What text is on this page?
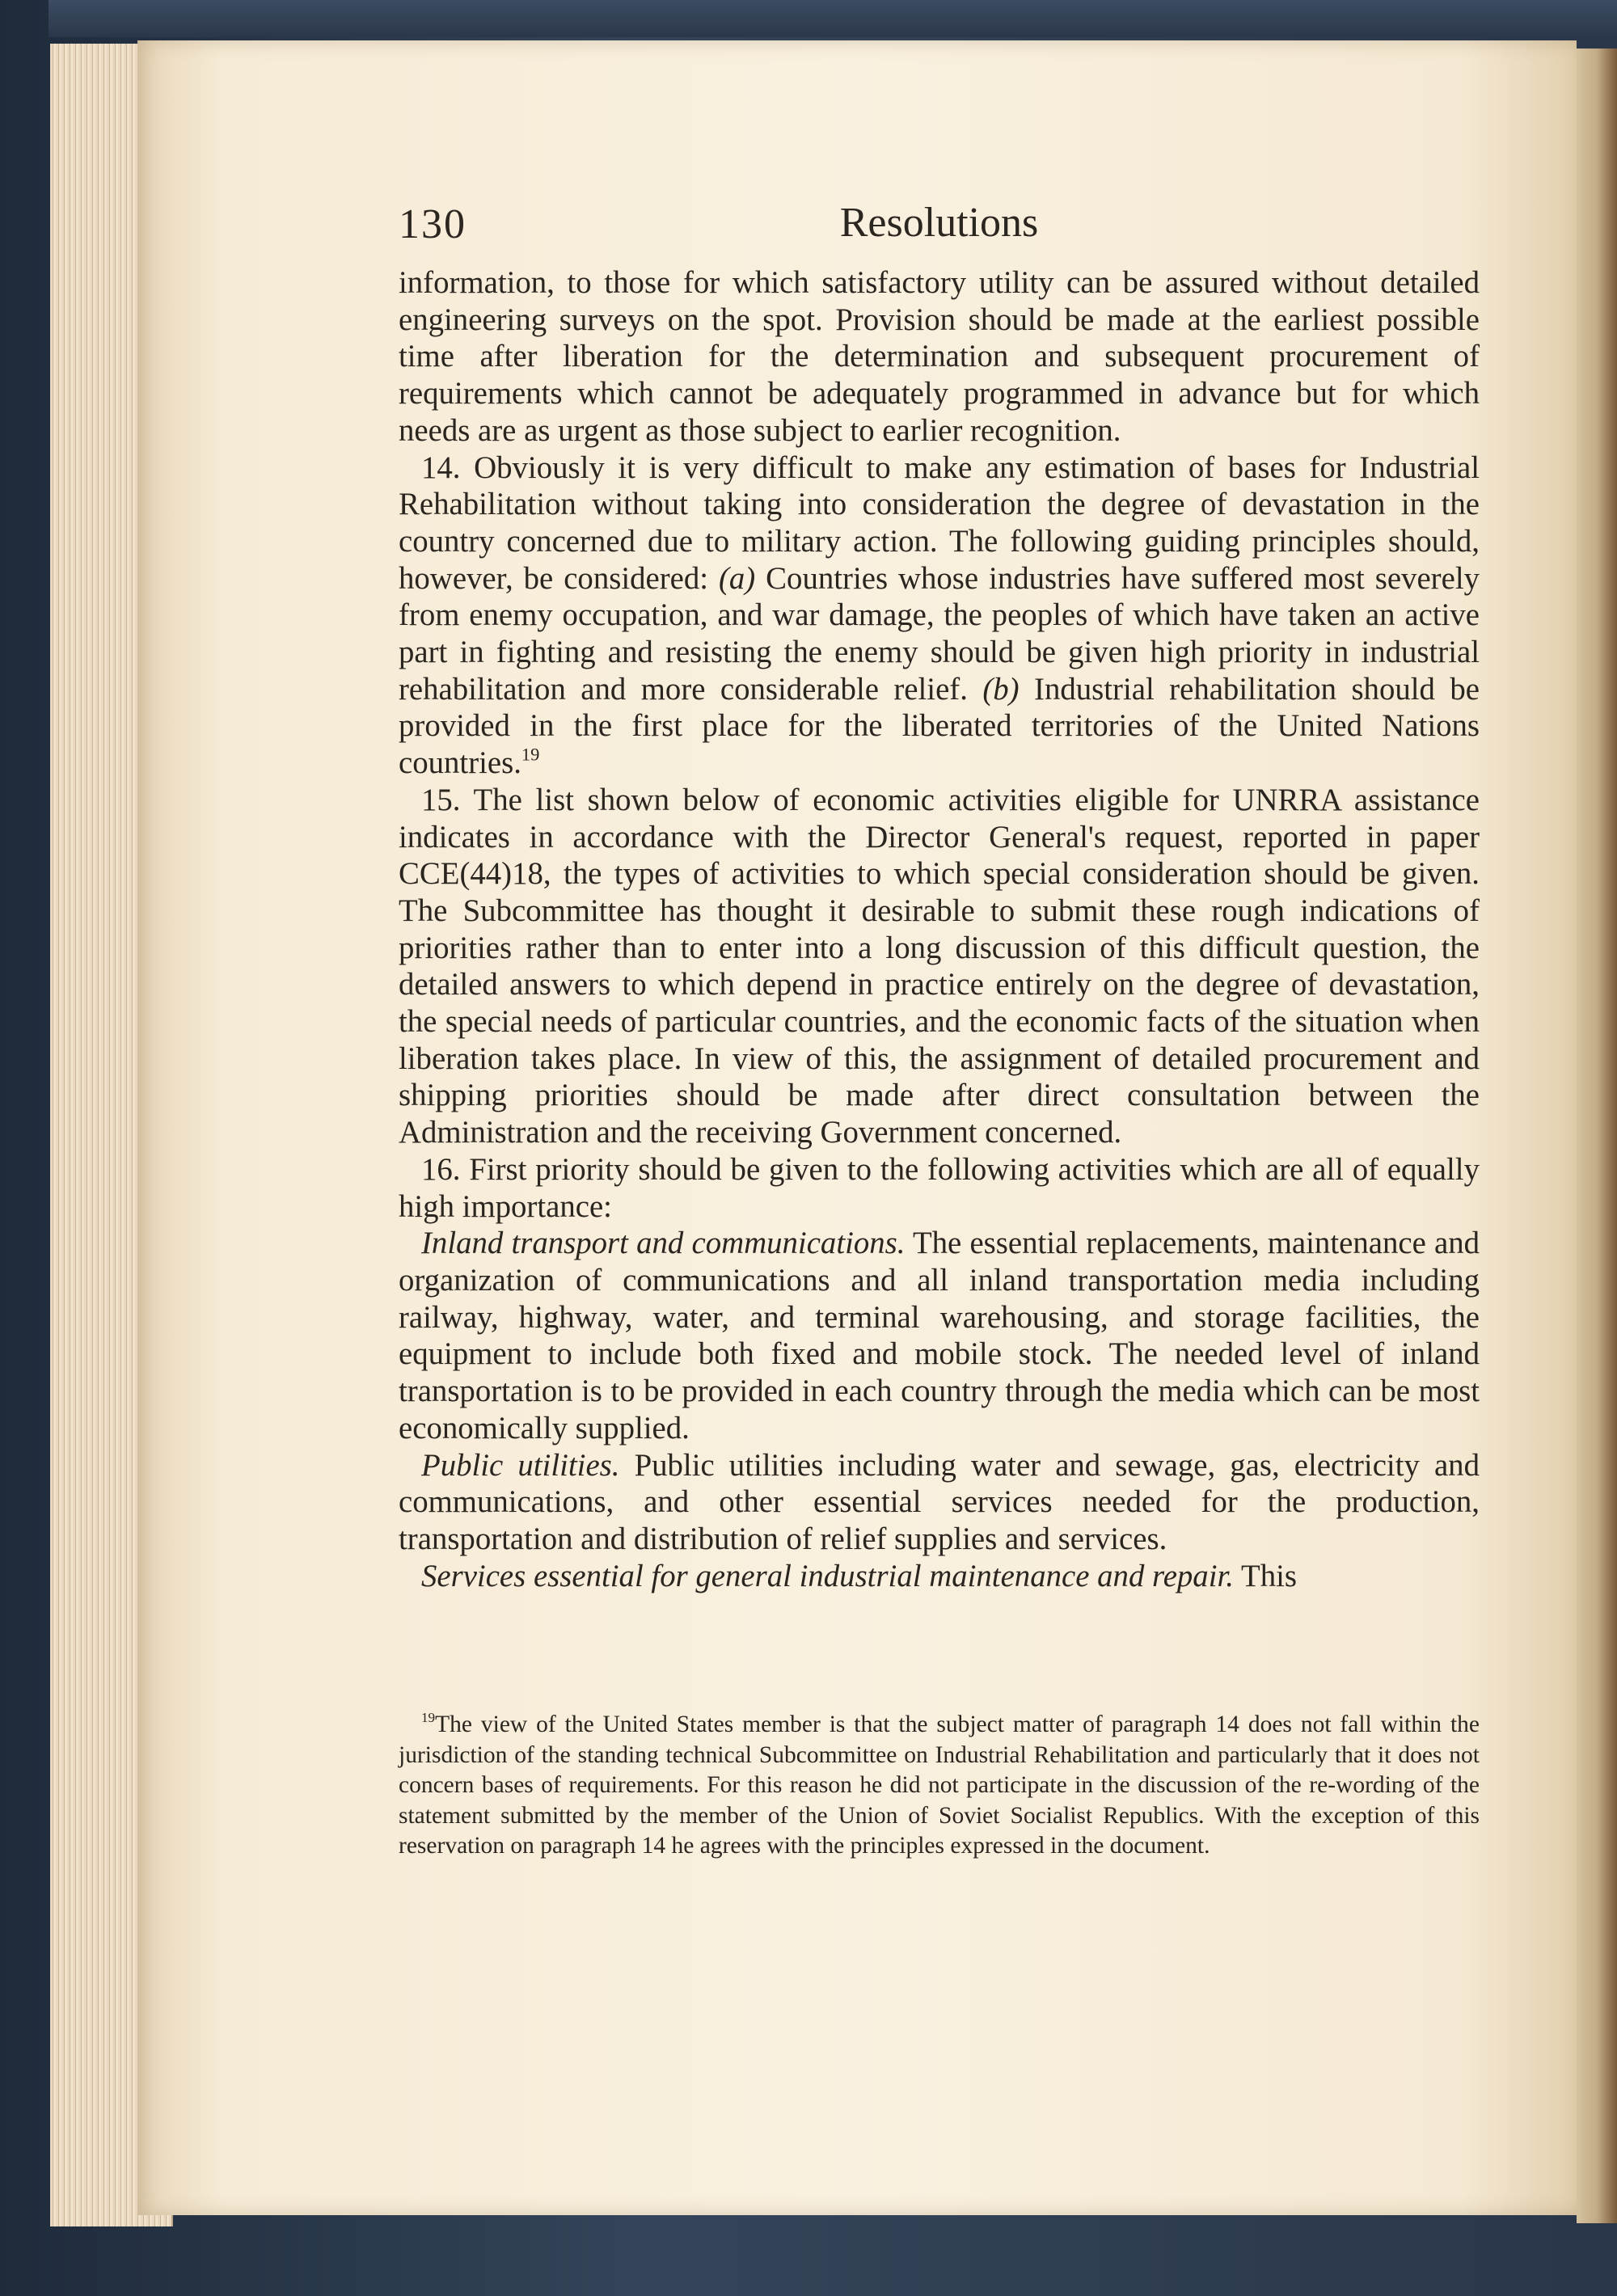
130	Resolutions

information, to those for which satisfactory utility can be assured without detailed engineering surveys on the spot. Provision should be made at the earliest possible time after liberation for the determination and subsequent procurement of requirements which cannot be adequately programmed in advance but for which needs are as urgent as those subject to earlier recognition.

14. Obviously it is very difficult to make any estimation of bases for Industrial Rehabilitation without taking into consideration the degree of devastation in the country concerned due to military action. The following guiding principles should, however, be considered: (a) Countries whose industries have suffered most severely from enemy occupation, and war damage, the peoples of which have taken an active part in fighting and resisting the enemy should be given high priority in industrial rehabilitation and more considerable relief. (b) Industrial rehabilitation should be provided in the first place for the liberated territories of the United Nations countries.$^{19}$

15. The list shown below of economic activities eligible for UNRRA assistance indicates in accordance with the Director General's request, reported in paper CCE(44)18, the types of activities to which special consideration should be given. The Subcommittee has thought it desirable to submit these rough indications of priorities rather than to enter into a long discussion of this difficult question, the detailed answers to which depend in practice entirely on the degree of devastation, the special needs of particular countries, and the economic facts of the situation when liberation takes place. In view of this, the assignment of detailed procurement and shipping priorities should be made after direct consultation between the Administration and the receiving Government concerned.

16. First priority should be given to the following activities which are all of equally high importance:

Inland transport and communications. The essential replacements, maintenance and organization of communications and all inland transportation media including railway, highway, water, and terminal warehousing, and storage facilities, the equipment to include both fixed and mobile stock. The needed level of inland transportation is to be provided in each country through the media which can be most economically supplied.

Public utilities. Public utilities including water and sewage, gas, electricity and communications, and other essential services needed for the production, transportation and distribution of relief supplies and services.

Services essential for general industrial maintenance and repair. This

$^{19}$The view of the United States member is that the subject matter of paragraph 14 does not fall within the jurisdiction of the standing technical Subcommittee on Industrial Rehabilitation and particularly that it does not concern bases of requirements. For this reason he did not participate in the discussion of the re-wording of the statement submitted by the member of the Union of Soviet Socialist Republics. With the exception of this reservation on paragraph 14 he agrees with the principles expressed in the document.
